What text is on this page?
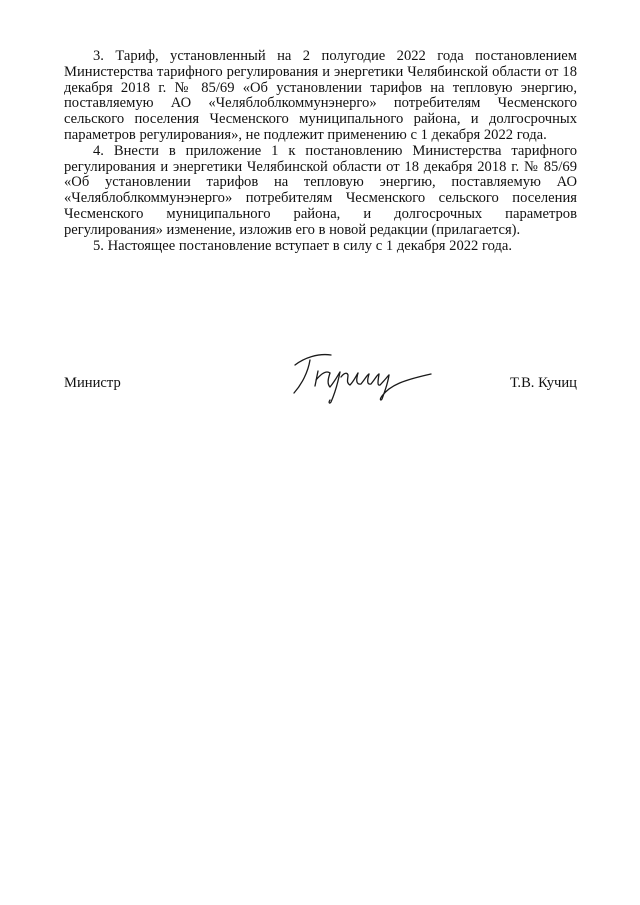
3. Тариф, установленный на 2 полугодие 2022 года постановлением Министерства тарифного регулирования и энергетики Челябинской области от 18 декабря 2018 г. № 85/69 «Об установлении тарифов на тепловую энергию, поставляемую АО «Челяблоблкоммунэнерго» потребителям Чесменского сельского поселения Чесменского муниципального района, и долгосрочных параметров регулирования», не подлежит применению с 1 декабря 2022 года.

4. Внести в приложение 1 к постановлению Министерства тарифного регулирования и энергетики Челябинской области от 18 декабря 2018 г. № 85/69 «Об установлении тарифов на тепловую энергию, поставляемую АО «Челяблоблкоммунэнерго» потребителям Чесменского сельского поселения Чесменского муниципального района, и долгосрочных параметров регулирования» изменение, изложив его в новой редакции (прилагается).

5. Настоящее постановление вступает в силу с 1 декабря 2022 года.

Министр	Т.В. Кучиц
